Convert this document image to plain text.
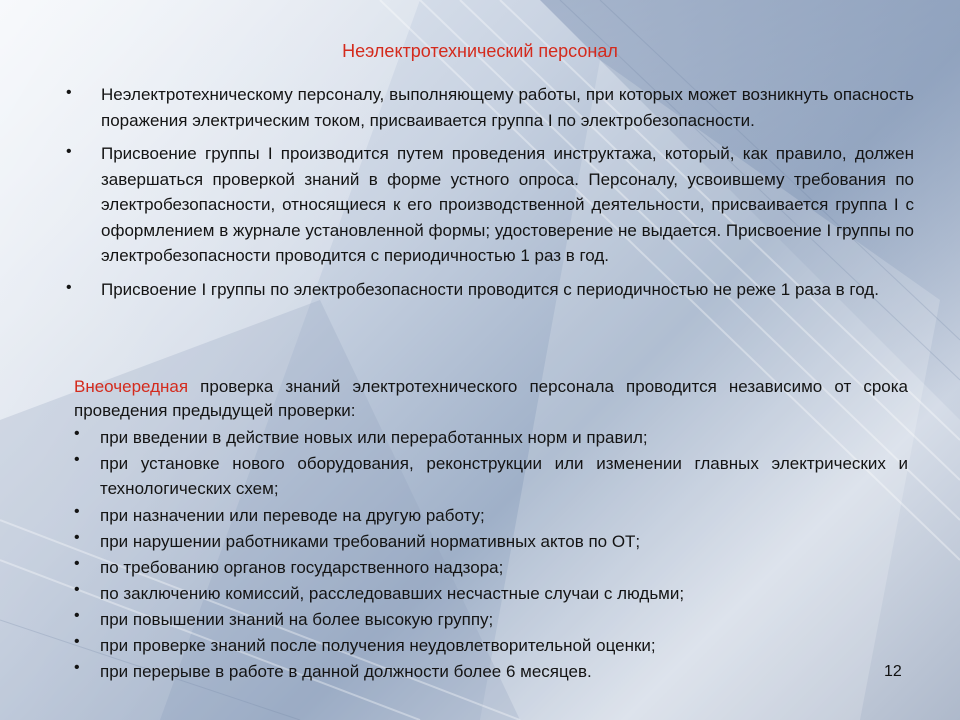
Неэлектротехнический персонал
• Неэлектротехническому персоналу, выполняющему работы, при которых может возникнуть опасность поражения электрическим током, присваивается группа I по электробезопасности.
• Присвоение группы I производится путем проведения инструктажа, который, как правило, должен завершаться проверкой знаний в форме устного опроса. Персоналу, усвоившему требования по электробезопасности, относящиеся к его производственной деятельности, присваивается группа I с оформлением в журнале установленной формы; удостоверение не выдается. Присвоение I группы по электробезопасности проводится с периодичностью 1 раз в год.
• Присвоение I группы по электробезопасности проводится с периодичностью не реже 1 раза в год.
Внеочередная проверка знаний электротехнического персонала проводится независимо от срока проведения предыдущей проверки:
• при введении в действие новых или переработанных норм и правил;
• при установке нового оборудования, реконструкции или изменении главных электрических и технологических схем;
• при назначении или переводе на другую работу;
• при нарушении работниками требований нормативных актов по ОТ;
• по требованию органов государственного надзора;
• по заключению комиссий, расследовавших несчастные случаи с людьми;
• при повышении знаний на более высокую группу;
• при проверке знаний после получения неудовлетворительной оценки;
• при перерыве в работе в данной должности более 6 месяцев.	12
